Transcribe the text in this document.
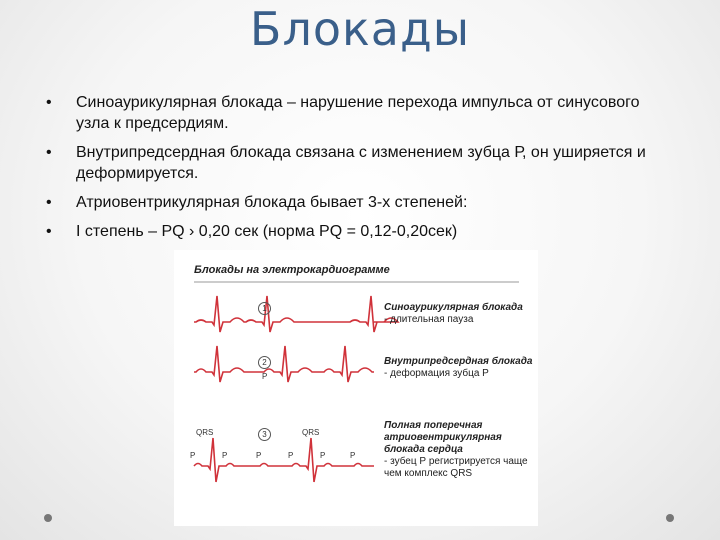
Блокады
• Синоаурикулярная блокада – нарушение перехода импульса от синусового узла к предсердиям.
• Внутрипредсердная блокада связана с изменением зубца Р, он уширяется и деформируется.
• Атриовентрикулярная блокада бывает 3-х степеней:
• I степень – PQ › 0,20 сек (норма PQ = 0,12-0,20сек)
Блокады на электрокардиограмме
1	Синоаурикулярная блокада
- длительная пауза
2
P
Внутрипредсердная блокада
- деформация зубца Р
3
QRS	QRS
P	P	P	P	P	P
Полная поперечная атриовентрикулярная блокада сердца
- зубец Р регистрируется чаще чем комплекс QRS
